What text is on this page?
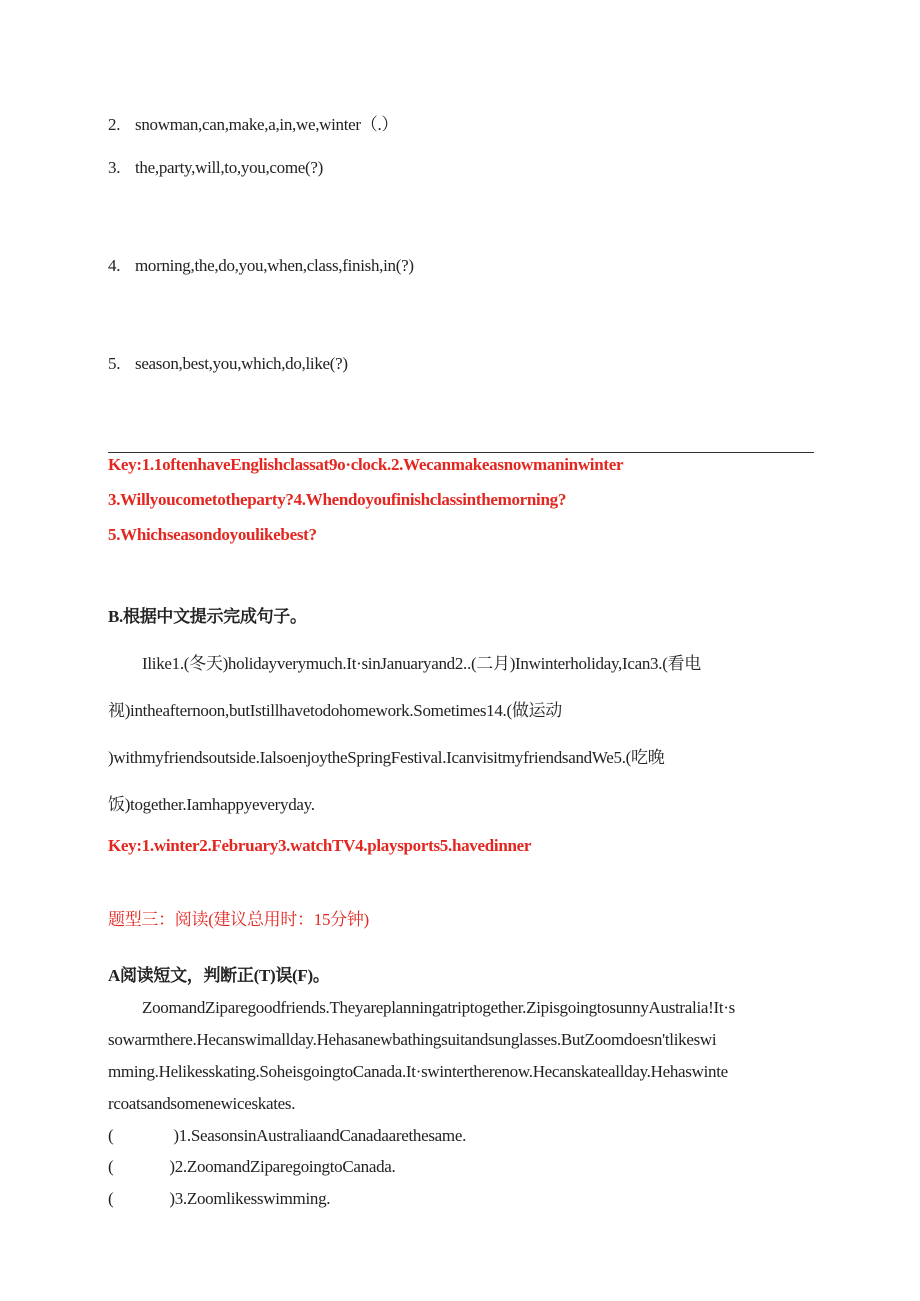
2. snowman,can,make,a,in,we,winter（.）
3. the,party,will,to,you,come(?)
4. morning,the,do,you,when,class,finish,in(?)
5. season,best,you,which,do,like(?)
Key:1.1oftenhaveEnglishclassat9o·clock.2.Wecanmakeasnowmaninwinter
3.Willyoucometotheparty?4.Whendoyoufinishclassinthemorning?
5.Whichseasondoyoulikebest?
B.根据中文提示完成句子。
Ilike1.(冬天)holidayverymuch.It·sinJanuaryand2..(二月)Inwinterholiday,Ican3.(看电
视)intheafternoon,butIstillhavetodohomework.Sometimes14.(做运动
)withmyfriendsoutside.IalsoenjoytheSpringFestival.IcanvisitmyfriendsandWe5.(吃晚
饭)together.Iamhappyeveryday.
Key:1.winter2.February3.watchTV4.playsports5.havedinner
题型三：阅读(建议总用时：15分钟)
A阅读短文，判断正(T)误(F)。
ZoomandZiparegoodfriends.Theyareplanningatriptogether.ZipisgoingtosunnyAustralia!It·s
sowarmthere.Hecanswimallday.Hehasanewbathingsuitandsunglasses.ButZoomdoesn'tlikeswi
mming.Helikesskating.SoheisgoingtoCanada.It·swintertherenow.Hecanskateallday.Hehaswinte
rcoatsandsomenewiceskates.
(	)1.SeasonsinAustraliaandCanadaarethesame.
(	)2.ZoomandZiparegoingtoCanada.
(	)3.Zoomlikesswimming.
